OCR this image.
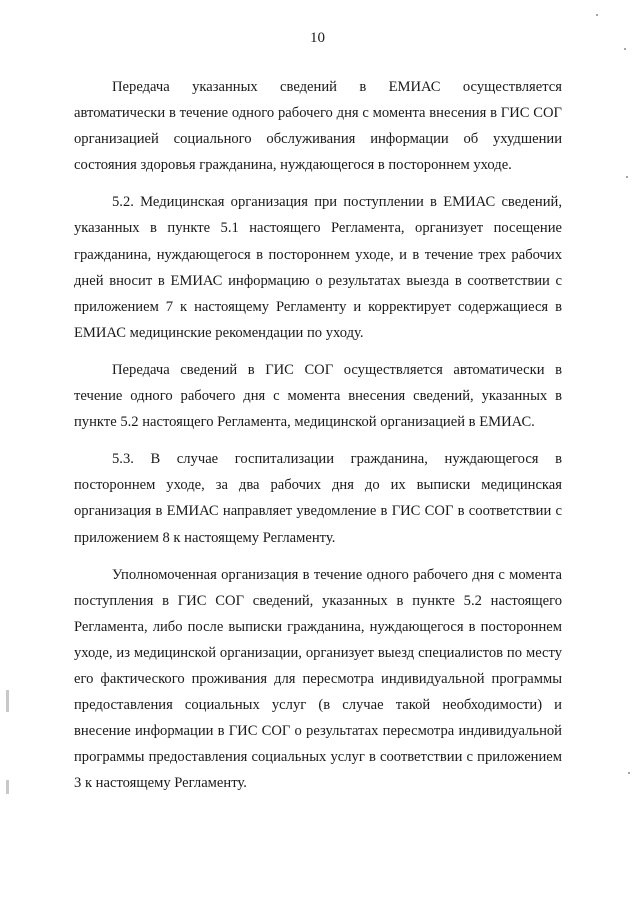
10

Передача указанных сведений в ЕМИАС осуществляется автоматически в течение одного рабочего дня с момента внесения в ГИС СОГ организацией социального обслуживания информации об ухудшении состояния здоровья гражданина, нуждающегося в постороннем уходе.

5.2. Медицинская организация при поступлении в ЕМИАС сведений, указанных в пункте 5.1 настоящего Регламента, организует посещение гражданина, нуждающегося в постороннем уходе, и в течение трех рабочих дней вносит в ЕМИАС информацию о результатах выезда в соответствии с приложением 7 к настоящему Регламенту и корректирует содержащиеся в ЕМИАС медицинские рекомендации по уходу.

Передача сведений в ГИС СОГ осуществляется автоматически в течение одного рабочего дня с момента внесения сведений, указанных в пункте 5.2 настоящего Регламента, медицинской организацией в ЕМИАС.

5.3. В случае госпитализации гражданина, нуждающегося в постороннем уходе, за два рабочих дня до их выписки медицинская организация в ЕМИАС направляет уведомление в ГИС СОГ в соответствии с приложением 8 к настоящему Регламенту.

Уполномоченная организация в течение одного рабочего дня с момента поступления в ГИС СОГ сведений, указанных в пункте 5.2 настоящего Регламента, либо после выписки гражданина, нуждающегося в постороннем уходе, из медицинской организации, организует выезд специалистов по месту его фактического проживания для пересмотра индивидуальной программы предоставления социальных услуг (в случае такой необходимости) и внесение информации в ГИС СОГ о результатах пересмотра индивидуальной программы предоставления социальных услуг в соответствии с приложением 3 к настоящему Регламенту.
